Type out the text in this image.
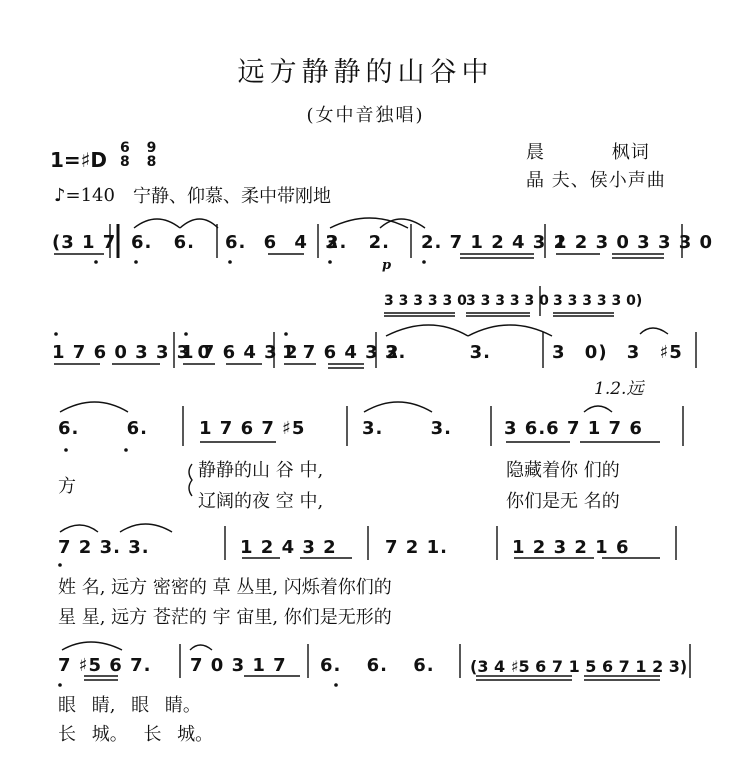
远方静静的山谷中
(女中音独唱)
晨 枫词
晶 夫、侯小声曲
1=♯D 6 9
8 8
♪=140 宁静、仰慕、柔中带刚地
(3 1 7 6. 6. 6. 6 4 3
2. 2. 2. 7 1 2 4 3 2
1 2 3 0 3 3 3 0
p
3 3 3 3 3 0 3 3 3 3 3 0 3 3 3 3 3 0)
1 7 6 0 3 3 3 0
1 7 6 4 3 2
1 7 6 4 3 2
3. 3.	3 0) 3 ♯5
1.2.远
6. 6.	1 7 6 7 ♯5	3. 3.	3 6.6 7 1 7 6
方
静静的山 谷 中,	隐藏着你 们的
辽阔的夜 空 中,	你们是无 名的
7 2 3. 3.	1 2 4 3 2	7 2 1.	1 2 3 2 1 6
姓 名, 远方 密密的 草 丛里, 闪烁着你们的
星 星, 远方 苍茫的 宇 宙里, 你们是无形的
7 ♯5 6 7. 7 0 3 1 7 6. 6. 6. (3 4 ♯5 6 7 1 5 6 7 1 2 3)
眼 睛, 眼 睛。
长 城。 长 城。
